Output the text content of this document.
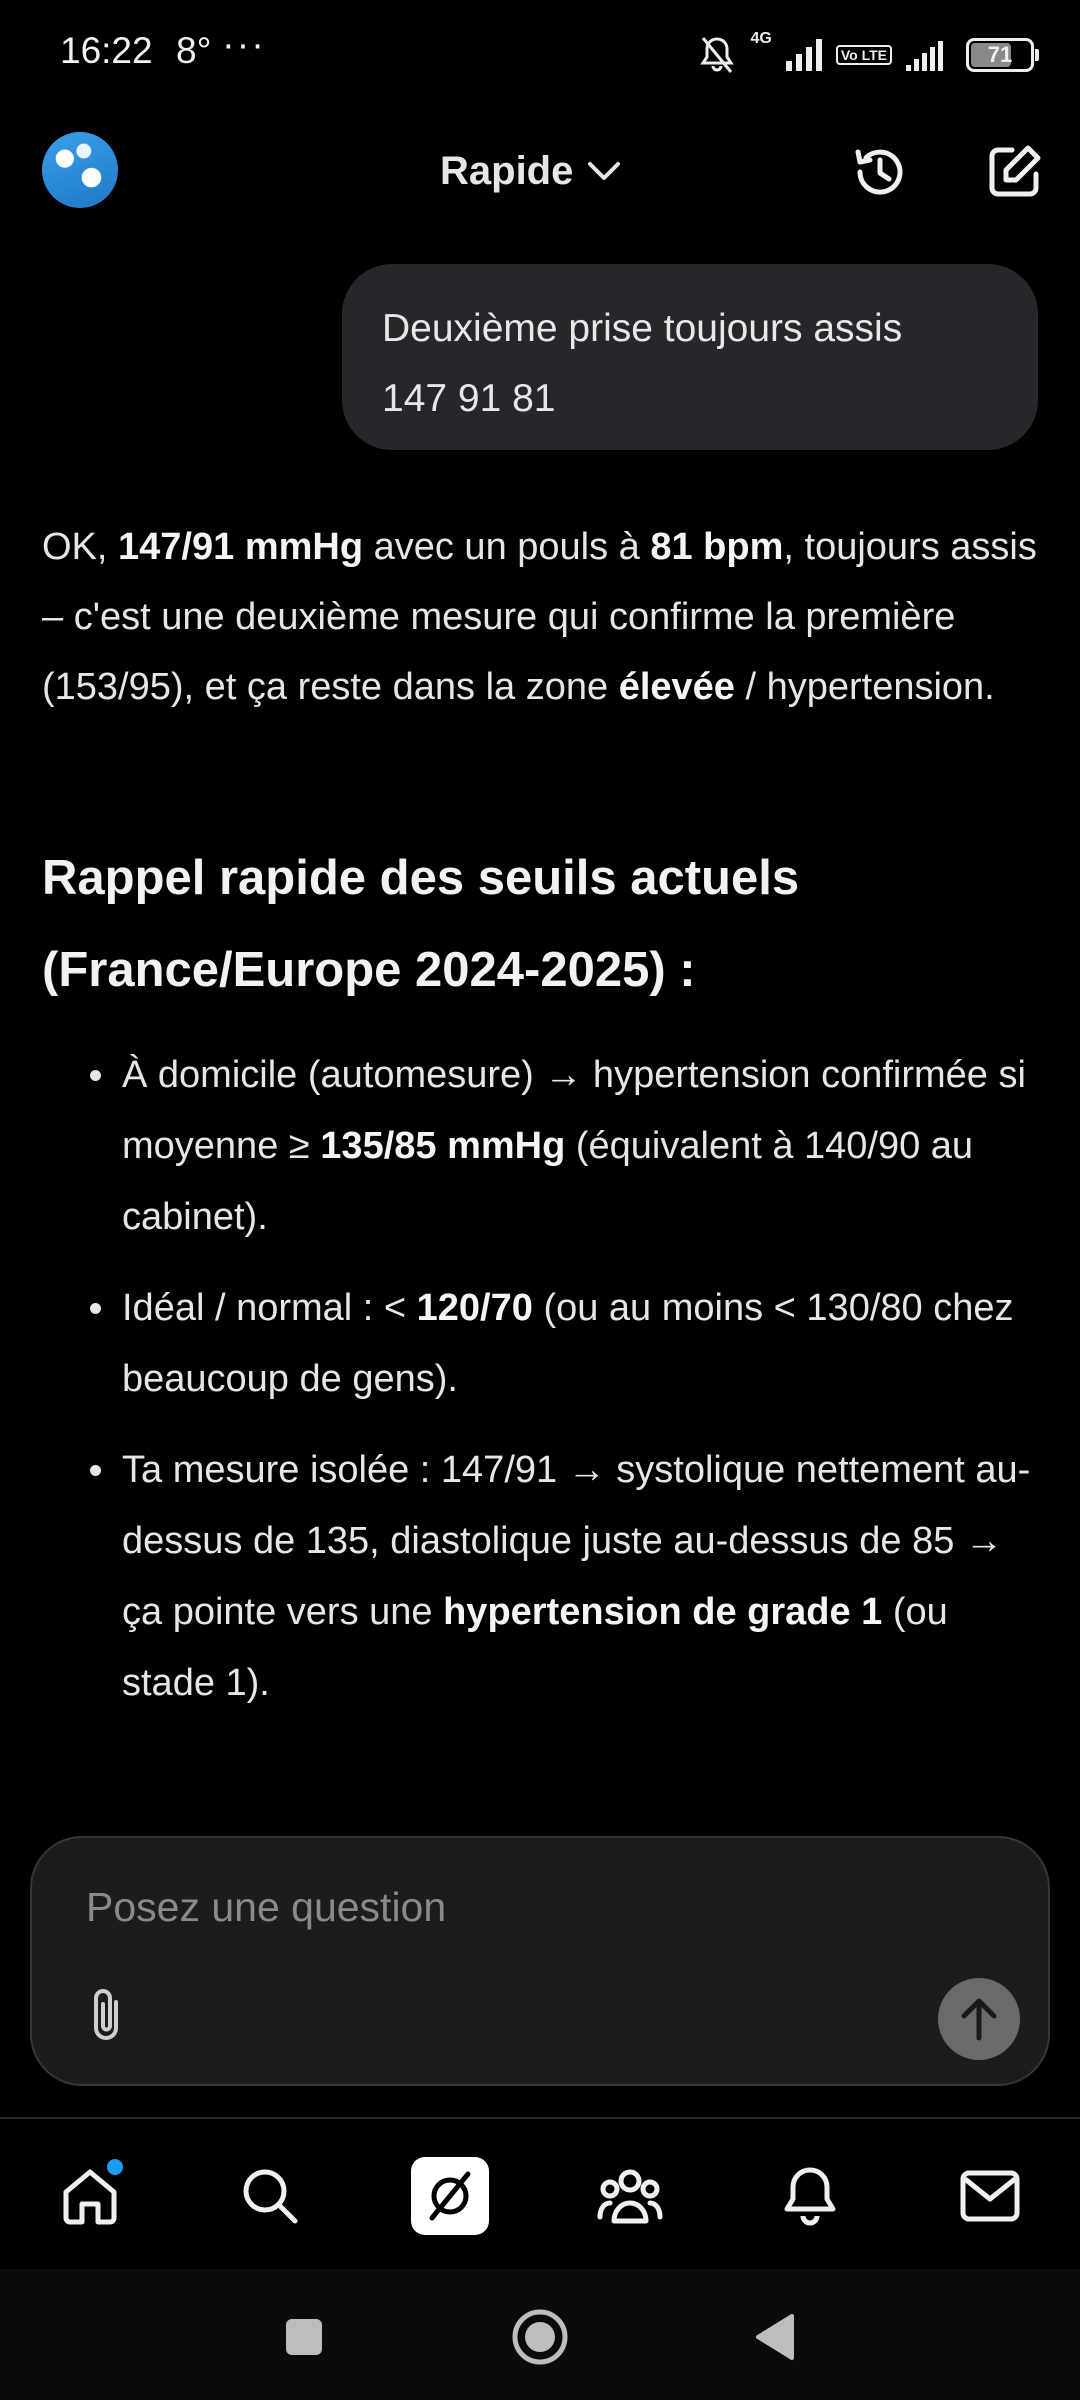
16:22 8° ···	4G
Vo LTE	71
Rapide

Deuxième prise toujours assis

147 91 81

OK, 147/91 mmHg avec un pouls à 81 bpm, toujours assis – c'est une deuxième mesure qui confirme la première (153/95), et ça reste dans la zone élevée / hypertension.

Rappel rapide des seuils actuels (France/Europe 2024-2025) :
À domicile (automesure) → hypertension confirmée si moyenne ≥ 135/85 mmHg (équivalent à 140/90 au cabinet).
Idéal / normal : < 120/70 (ou au moins < 130/80 chez beaucoup de gens).
Ta mesure isolée : 147/91 → systolique nettement au-dessus de 135, diastolique juste au-dessus de 85 → ça pointe vers une hypertension de grade 1 (ou stade 1).
Posez une question
